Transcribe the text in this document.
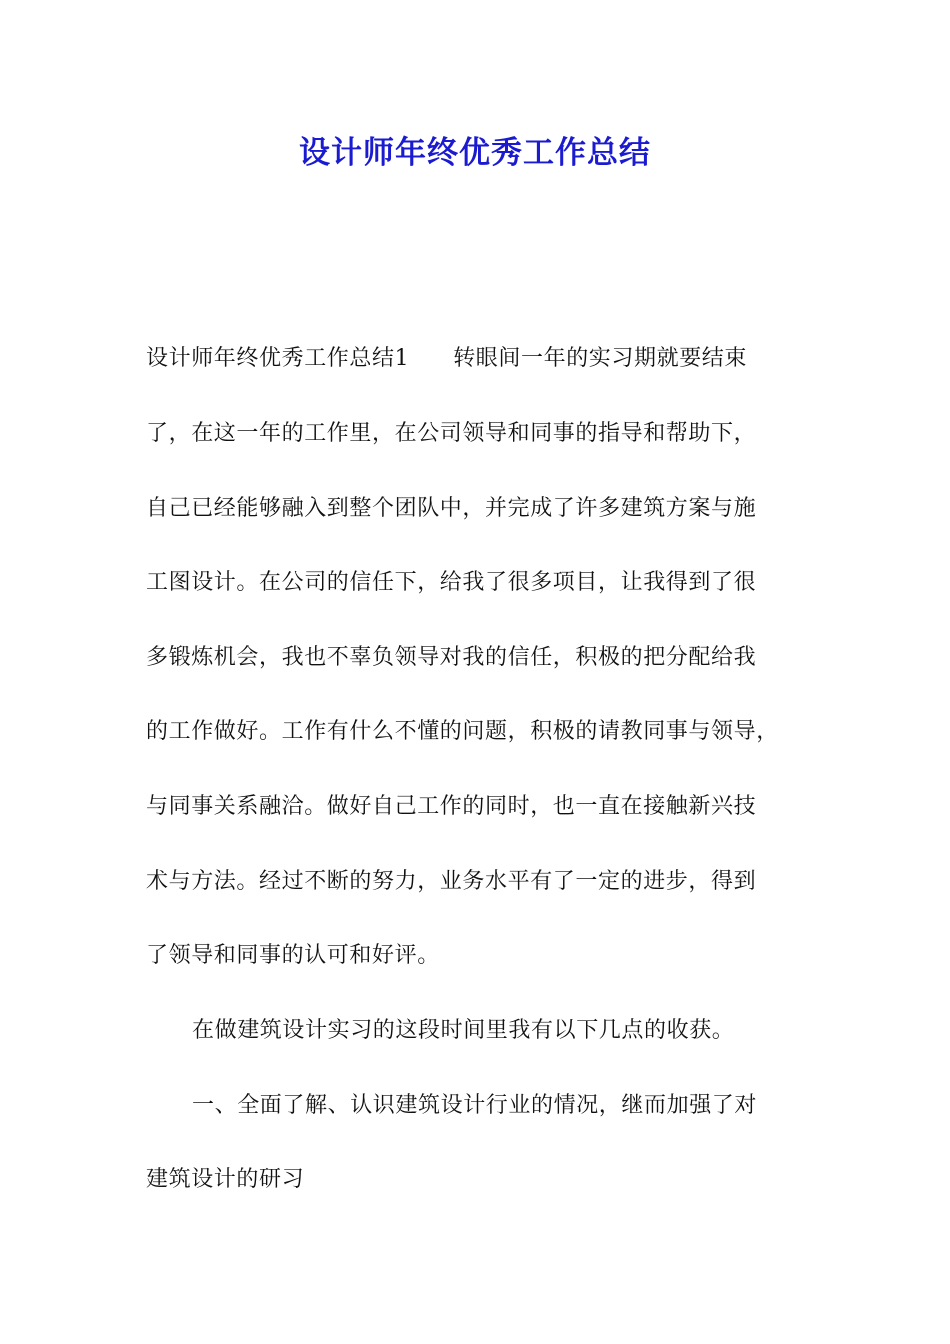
设计师年终优秀工作总结

设计师年终优秀工作总结1 转眼间一年的实习期就要结束

了，在这一年的工作里，在公司领导和同事的指导和帮助下，

自己已经能够融入到整个团队中，并完成了许多建筑方案与施

工图设计。在公司的信任下，给我了很多项目，让我得到了很

多锻炼机会，我也不辜负领导对我的信任，积极的把分配给我

的工作做好。工作有什么不懂的问题，积极的请教同事与领导，

与同事关系融洽。做好自己工作的同时，也一直在接触新兴技

术与方法。经过不断的努力，业务水平有了一定的进步，得到

了领导和同事的认可和好评。

在做建筑设计实习的这段时间里我有以下几点的收获。

一、全面了解、认识建筑设计行业的情况，继而加强了对

建筑设计的研习
